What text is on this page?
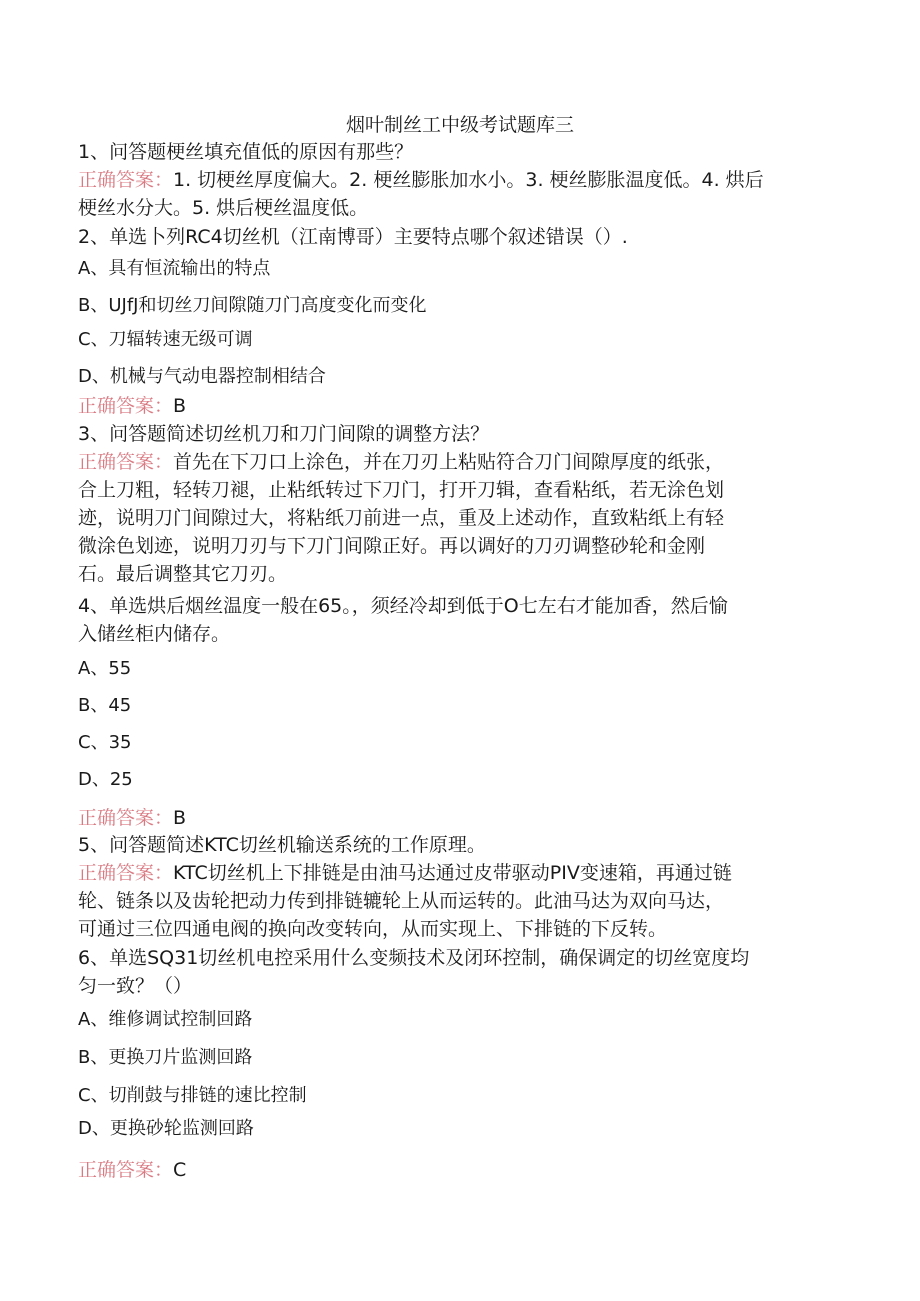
烟叶制丝工中级考试题库三
1、问答题梗丝填充值低的原因有那些？
正确答案：1. 切梗丝厚度偏大。2. 梗丝膨胀加水小。3. 梗丝膨胀温度低。4. 烘后
梗丝水分大。5. 烘后梗丝温度低。
2、单选卜列RC4切丝机（江南博哥）主要特点哪个叙述错误（）.
A、具有恒流输出的特点
B、UJfJ和切丝刀间隙随刀门高度变化而变化
C、刀辐转速无级可调
D、机械与气动电器控制相结合
正确答案：B
3、问答题简述切丝机刀和刀门间隙的调整方法？
正确答案：首先在下刀口上涂色，并在刀刃上粘贴符合刀门间隙厚度的纸张，
合上刀粗，轻转刀褪，止粘纸转过下刀门，打开刀辑，查看粘纸，若无涂色划
迹，说明刀门间隙过大，将粘纸刀前进一点，重及上述动作，直致粘纸上有轻
微涂色划迹，说明刀刃与下刀门间隙正好。再以调好的刀刃调整砂轮和金刚
石。最后调整其它刀刃。
4、单选烘后烟丝温度一般在65。，须经冷却到低于O七左右才能加香，然后愉
入储丝柜内储存。
A、55
B、45
C、35
D、25
正确答案：B
5、问答题简述KTC切丝机输送系统的工作原理。
正确答案：KTC切丝机上下排链是由油马达通过皮带驱动PIV变速箱，再通过链
轮、链条以及齿轮把动力传到排链辘轮上从而运转的。此油马达为双向马达，
可通过三位四通电阀的换向改变转向，从而实现上、下排链的下反转。
6、单选SQ31切丝机电控采用什么变频技术及闭环控制，确保调定的切丝宽度均
匀一致？（）
A、维修调试控制回路
B、更换刀片监测回路
C、切削鼓与排链的速比控制
D、更换砂轮监测回路
正确答案：C
